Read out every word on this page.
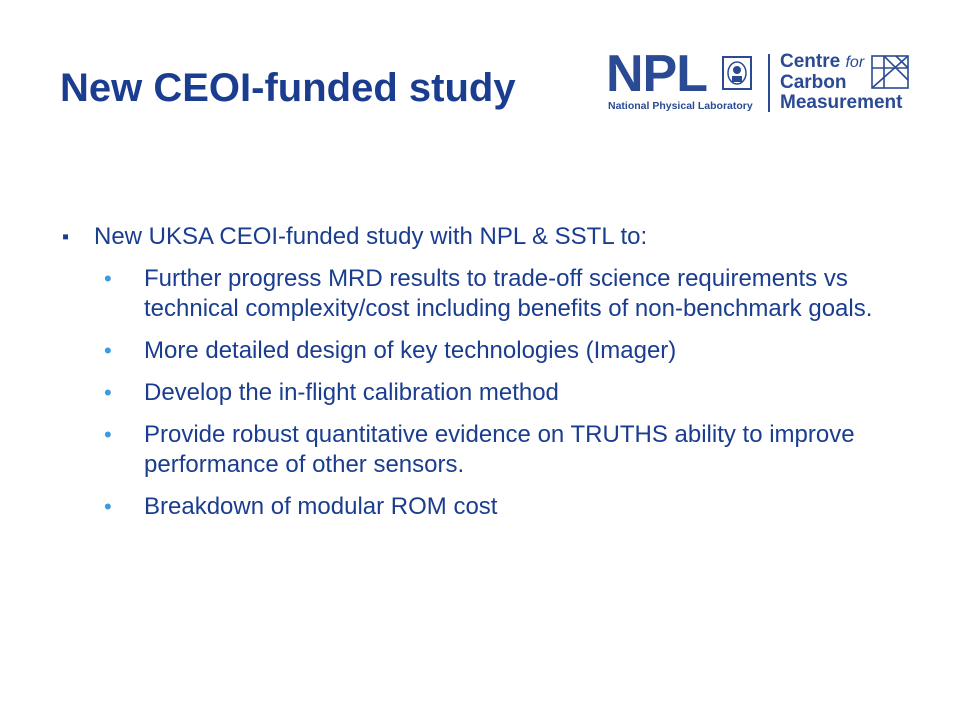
New CEOI-funded study NPL
National Physical Laboratory
Centre for
Carbon
Measurement

▪ New UKSA CEOI-funded study with NPL & SSTL to:

• Further progress MRD results to trade-off science requirements vs technical complexity/cost including benefits of non-benchmark goals.

• More detailed design of key technologies (Imager)

• Develop the in-flight calibration method

• Provide robust quantitative evidence on TRUTHS ability to improve performance of other sensors.

• Breakdown of modular ROM cost
